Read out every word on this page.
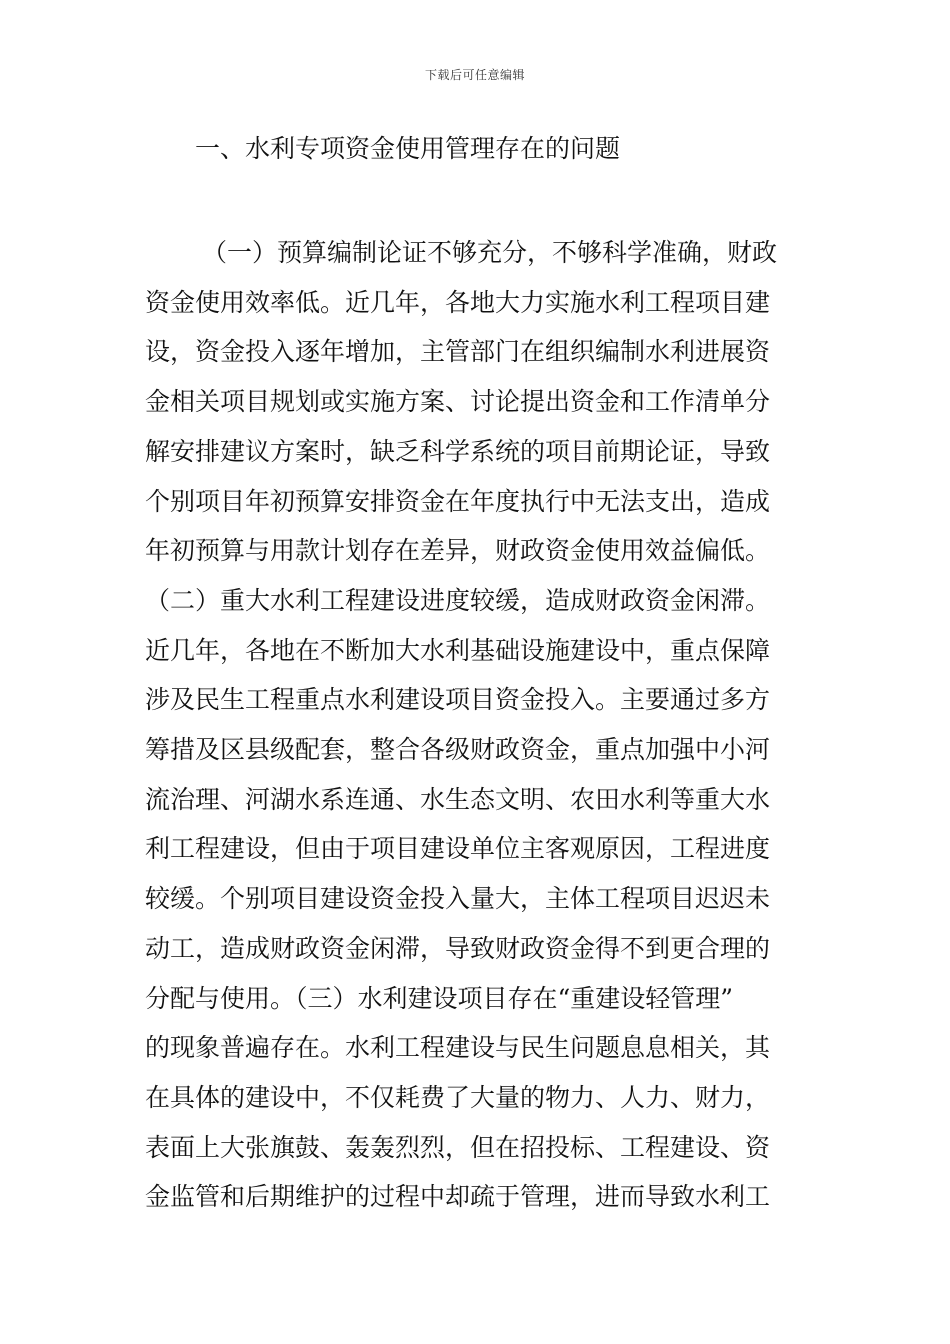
下载后可任意编辑
一、水利专项资金使用管理存在的问题
（一）预算编制论证不够充分，不够科学准确，财政
资金使用效率低。近几年，各地大力实施水利工程项目建
设，资金投入逐年增加，主管部门在组织编制水利进展资
金相关项目规划或实施方案、讨论提出资金和工作清单分
解安排建议方案时，缺乏科学系统的项目前期论证，导致
个别项目年初预算安排资金在年度执行中无法支出，造成
年初预算与用款计划存在差异，财政资金使用效益偏低。
（二）重大水利工程建设进度较缓，造成财政资金闲滞。
近几年，各地在不断加大水利基础设施建设中，重点保障
涉及民生工程重点水利建设项目资金投入。主要通过多方
筹措及区县级配套，整合各级财政资金，重点加强中小河
流治理、河湖水系连通、水生态文明、农田水利等重大水
利工程建设，但由于项目建设单位主客观原因，工程进度
较缓。个别项目建设资金投入量大，主体工程项目迟迟未
动工，造成财政资金闲滞，导致财政资金得不到更合理的
分配与使用。（三）水利建设项目存在“重建设轻管理”
的现象普遍存在。水利工程建设与民生问题息息相关，其
在具体的建设中，不仅耗费了大量的物力、人力、财力，
表面上大张旗鼓、轰轰烈烈，但在招投标、工程建设、资
金监管和后期维护的过程中却疏于管理，进而导致水利工
